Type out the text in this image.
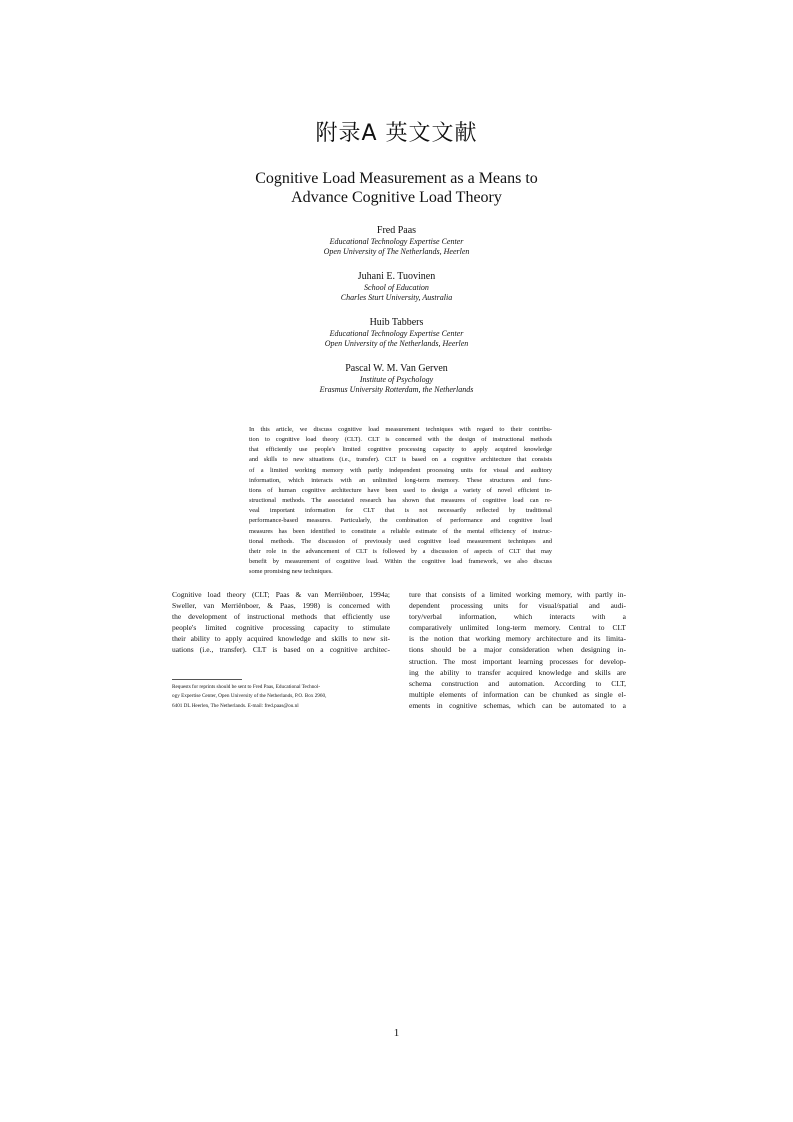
附录A 英文文献
Cognitive Load Measurement as a Means to
Advance Cognitive Load Theory
Fred Paas
Educational Technology Expertise Center
Open University of The Netherlands, Heerlen
Juhani E. Tuovinen
School of Education
Charles Sturt University, Australia
Huib Tabbers
Educational Technology Expertise Center
Open University of the Netherlands, Heerlen
Pascal W. M. Van Gerven
Institute of Psychology
Erasmus University Rotterdam, the Netherlands
In this article, we discuss cognitive load measurement techniques with regard to their contribu-
tion to cognitive load theory (CLT). CLT is concerned with the design of instructional methods
that efficiently use people's limited cognitive processing capacity to apply acquired knowledge
and skills to new situations (i.e., transfer). CLT is based on a cognitive architecture that consists
of a limited working memory with partly independent processing units for visual and auditory
information, which interacts with an unlimited long-term memory. These structures and func-
tions of human cognitive architecture have been used to design a variety of novel efficient in-
structional methods. The associated research has shown that measures of cognitive load can re-
veal important information for CLT that is not necessarily reflected by traditional
performance-based measures. Particularly, the combination of performance and cognitive load
measures has been identified to constitute a reliable estimate of the mental efficiency of instruc-
tional methods. The discussion of previously used cognitive load measurement techniques and
their role in the advancement of CLT is followed by a discussion of aspects of CLT that may
benefit by measurement of cognitive load. Within the cognitive load framework, we also discuss
some promising new techniques.
Cognitive load theory (CLT; Paas & van Merriënboer, 1994a;
Sweller, van Merriënboer, & Paas, 1998) is concerned with
the development of instructional methods that efficiently use
people's limited cognitive processing capacity to stimulate
their ability to apply acquired knowledge and skills to new sit-
uations (i.e., transfer). CLT is based on a cognitive architec-
Requests for reprints should be sent to Fred Paas, Educational Technol-
ogy Expertise Center, Open University of the Netherlands, P.O. Box 2960,
6401 DL Heerlen, The Netherlands. E-mail: fred.paas@ou.nl
ture that consists of a limited working memory, with partly in-
dependent processing units for visual/spatial and audi-
tory/verbal information, which interacts with a
comparatively unlimited long-term memory. Central to CLT
is the notion that working memory architecture and its limita-
tions should be a major consideration when designing in-
struction. The most important learning processes for develop-
ing the ability to transfer acquired knowledge and skills are
schema construction and automation. According to CLT,
multiple elements of information can be chunked as single el-
ements in cognitive schemas, which can be automated to a
1
